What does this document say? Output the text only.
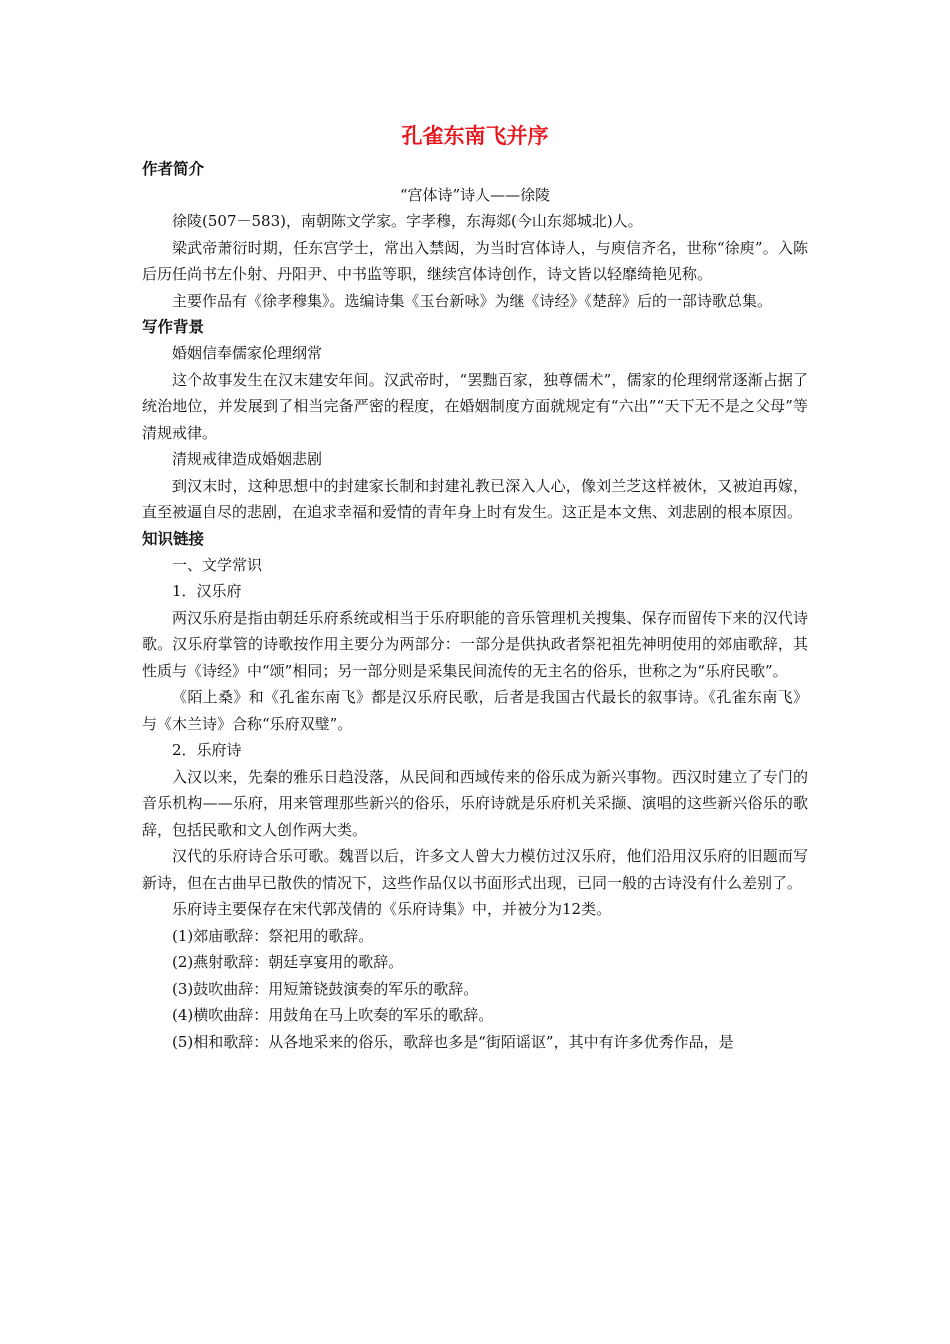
孔雀东南飞并序
作者简介

“宫体诗”诗人——徐陵

徐陵(507－583)，南朝陈文学家。字孝穆，东海郯(今山东郯城北)人。

梁武帝萧衍时期，任东宫学士，常出入禁闼，为当时宫体诗人，与庾信齐名，世称“徐庾”。入陈后历任尚书左仆射、丹阳尹、中书监等职，继续宫体诗创作，诗文皆以轻靡绮艳见称。

主要作品有《徐孝穆集》。选编诗集《玉台新咏》为继《诗经》《楚辞》后的一部诗歌总集。

写作背景

婚姻信奉儒家伦理纲常

这个故事发生在汉末建安年间。汉武帝时，“罢黜百家，独尊儒术”，儒家的伦理纲常逐渐占据了统治地位，并发展到了相当完备严密的程度，在婚姻制度方面就规定有“六出”“天下无不是之父母”等清规戒律。

清规戒律造成婚姻悲剧

到汉末时，这种思想中的封建家长制和封建礼教已深入人心，像刘兰芝这样被休，又被迫再嫁，直至被逼自尽的悲剧，在追求幸福和爱情的青年身上时有发生。这正是本文焦、刘悲剧的根本原因。

知识链接

一、文学常识

1．汉乐府

两汉乐府是指由朝廷乐府系统或相当于乐府职能的音乐管理机关搜集、保存而留传下来的汉代诗歌。汉乐府掌管的诗歌按作用主要分为两部分：一部分是供执政者祭祀祖先神明使用的郊庙歌辞，其性质与《诗经》中“颂”相同；另一部分则是采集民间流传的无主名的俗乐，世称之为“乐府民歌”。

《陌上桑》和《孔雀东南飞》都是汉乐府民歌，后者是我国古代最长的叙事诗。《孔雀东南飞》与《木兰诗》合称“乐府双璧”。

2．乐府诗

入汉以来，先秦的雅乐日趋没落，从民间和西域传来的俗乐成为新兴事物。西汉时建立了专门的音乐机构——乐府，用来管理那些新兴的俗乐，乐府诗就是乐府机关采撷、演唱的这些新兴俗乐的歌辞，包括民歌和文人创作两大类。

汉代的乐府诗合乐可歌。魏晋以后，许多文人曾大力模仿过汉乐府，他们沿用汉乐府的旧题而写新诗，但在古曲早已散佚的情况下，这些作品仅以书面形式出现，已同一般的古诗没有什么差别了。

乐府诗主要保存在宋代郭茂倩的《乐府诗集》中，并被分为12类。

(1)郊庙歌辞：祭祀用的歌辞。

(2)燕射歌辞：朝廷享宴用的歌辞。

(3)鼓吹曲辞：用短箫铙鼓演奏的军乐的歌辞。

(4)横吹曲辞：用鼓角在马上吹奏的军乐的歌辞。

(5)相和歌辞：从各地采来的俗乐，歌辞也多是“街陌谣讴”，其中有许多优秀作品，是
